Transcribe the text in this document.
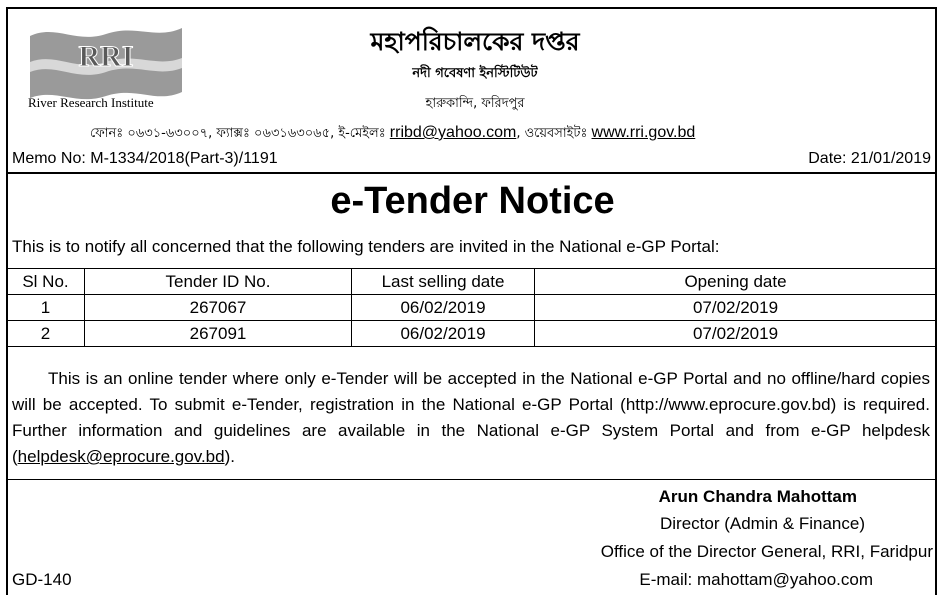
RRI
River Research Institute
মহাপরিচালকের দপ্তর
নদী গবেষণা ইনস্টিটিউট
হারুকান্দি, ফরিদপুর
ফোনঃ ০৬৩১-৬৩০০৭, ফ্যাক্সঃ ০৬৩১৬৩০৬৫, ই-মেইলঃ rribd@yahoo.com, ওয়েবসাইটঃ www.rri.gov.bd
Memo No: M-1334/2018(Part-3)/1191	Date: 21/01/2019
e-Tender Notice
This is to notify all concerned that the following tenders are invited in the National e-GP Portal:
Sl No.	Tender ID No.	Last selling date	Opening date
1	267067	06/02/2019	07/02/2019
2	267091	06/02/2019	07/02/2019
This is an online tender where only e-Tender will be accepted in the National e-GP Portal and no offline/hard copies will be accepted. To submit e-Tender, registration in the National e-GP Portal (http://www.eprocure.gov.bd) is required. Further information and guidelines are available in the National e-GP System Portal and from e-GP helpdesk (helpdesk@eprocure.gov.bd).
Arun Chandra Mahottam
Director (Admin & Finance)
Office of the Director General, RRI, Faridpur
E-mail: mahottam@yahoo.com
GD-140
